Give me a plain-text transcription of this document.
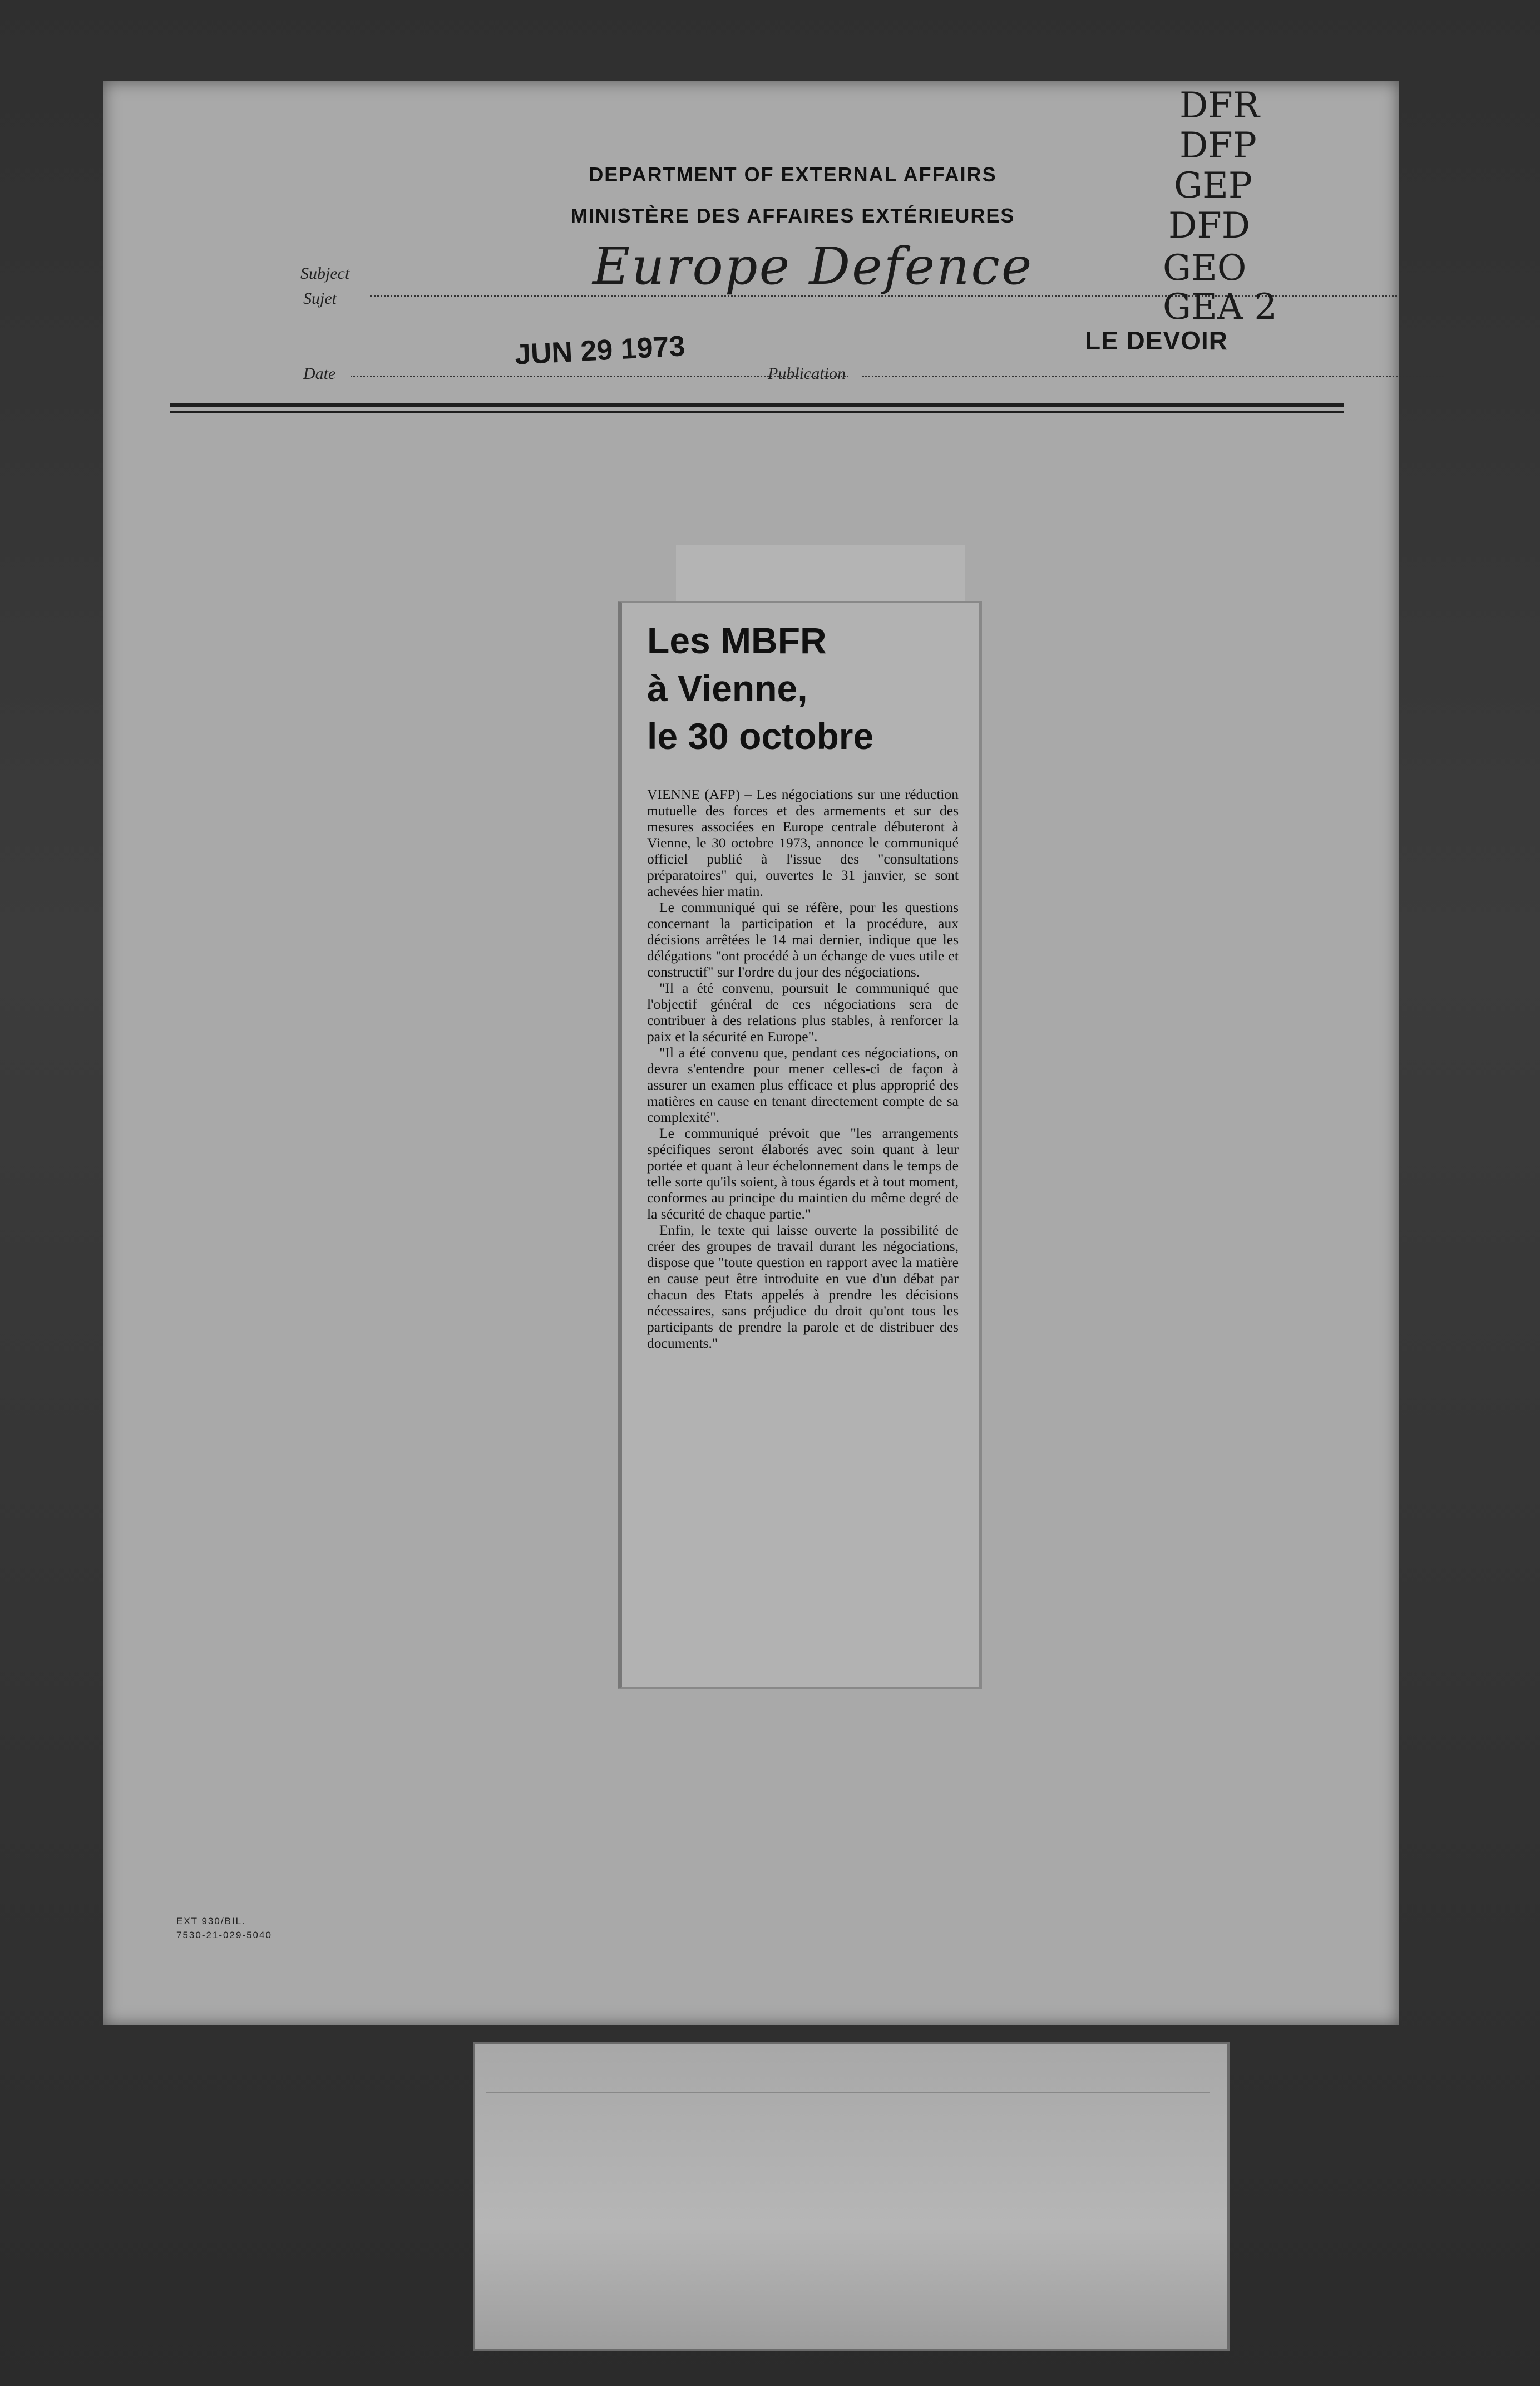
DEPARTMENT OF EXTERNAL AFFAIRS
MINISTÈRE DES AFFAIRES EXTÉRIEURES
Subject
Sujet
Europe Defence
Date
JUN 29 1973
Publication
LE DEVOIR
DFR
DFP
GEP
DFD
GEO
GEA 2
Les MBFR
à Vienne,
le 30 octobre

VIENNE (AFP) – Les négociations sur une réduction mutuelle des forces et des armements et sur des mesures associées en Europe centrale débuteront à Vienne, le 30 octobre 1973, annonce le communiqué officiel publié à l'issue des "consultations préparatoires" qui, ouvertes le 31 janvier, se sont achevées hier matin.

Le communiqué qui se réfère, pour les questions concernant la participation et la procédure, aux décisions arrêtées le 14 mai dernier, indique que les délégations "ont procédé à un échange de vues utile et constructif" sur l'ordre du jour des négociations.

"Il a été convenu, poursuit le communiqué que l'objectif général de ces négociations sera de contribuer à des relations plus stables, à renforcer la paix et la sécurité en Europe".

"Il a été convenu que, pendant ces négociations, on devra s'entendre pour mener celles-ci de façon à assurer un examen plus efficace et plus approprié des matières en cause en tenant directement compte de sa complexité".

Le communiqué prévoit que "les arrangements spécifiques seront élaborés avec soin quant à leur portée et quant à leur échelonnement dans le temps de telle sorte qu'ils soient, à tous égards et à tout moment, conformes au principe du maintien du même degré de la sécurité de chaque partie."

Enfin, le texte qui laisse ouverte la possibilité de créer des groupes de travail durant les négociations, dispose que "toute question en rapport avec la matière en cause peut être introduite en vue d'un débat par chacun des Etats appelés à prendre les décisions nécessaires, sans préjudice du droit qu'ont tous les participants de prendre la parole et de distribuer des documents."

EXT 930/BIL.
7530-21-029-5040
